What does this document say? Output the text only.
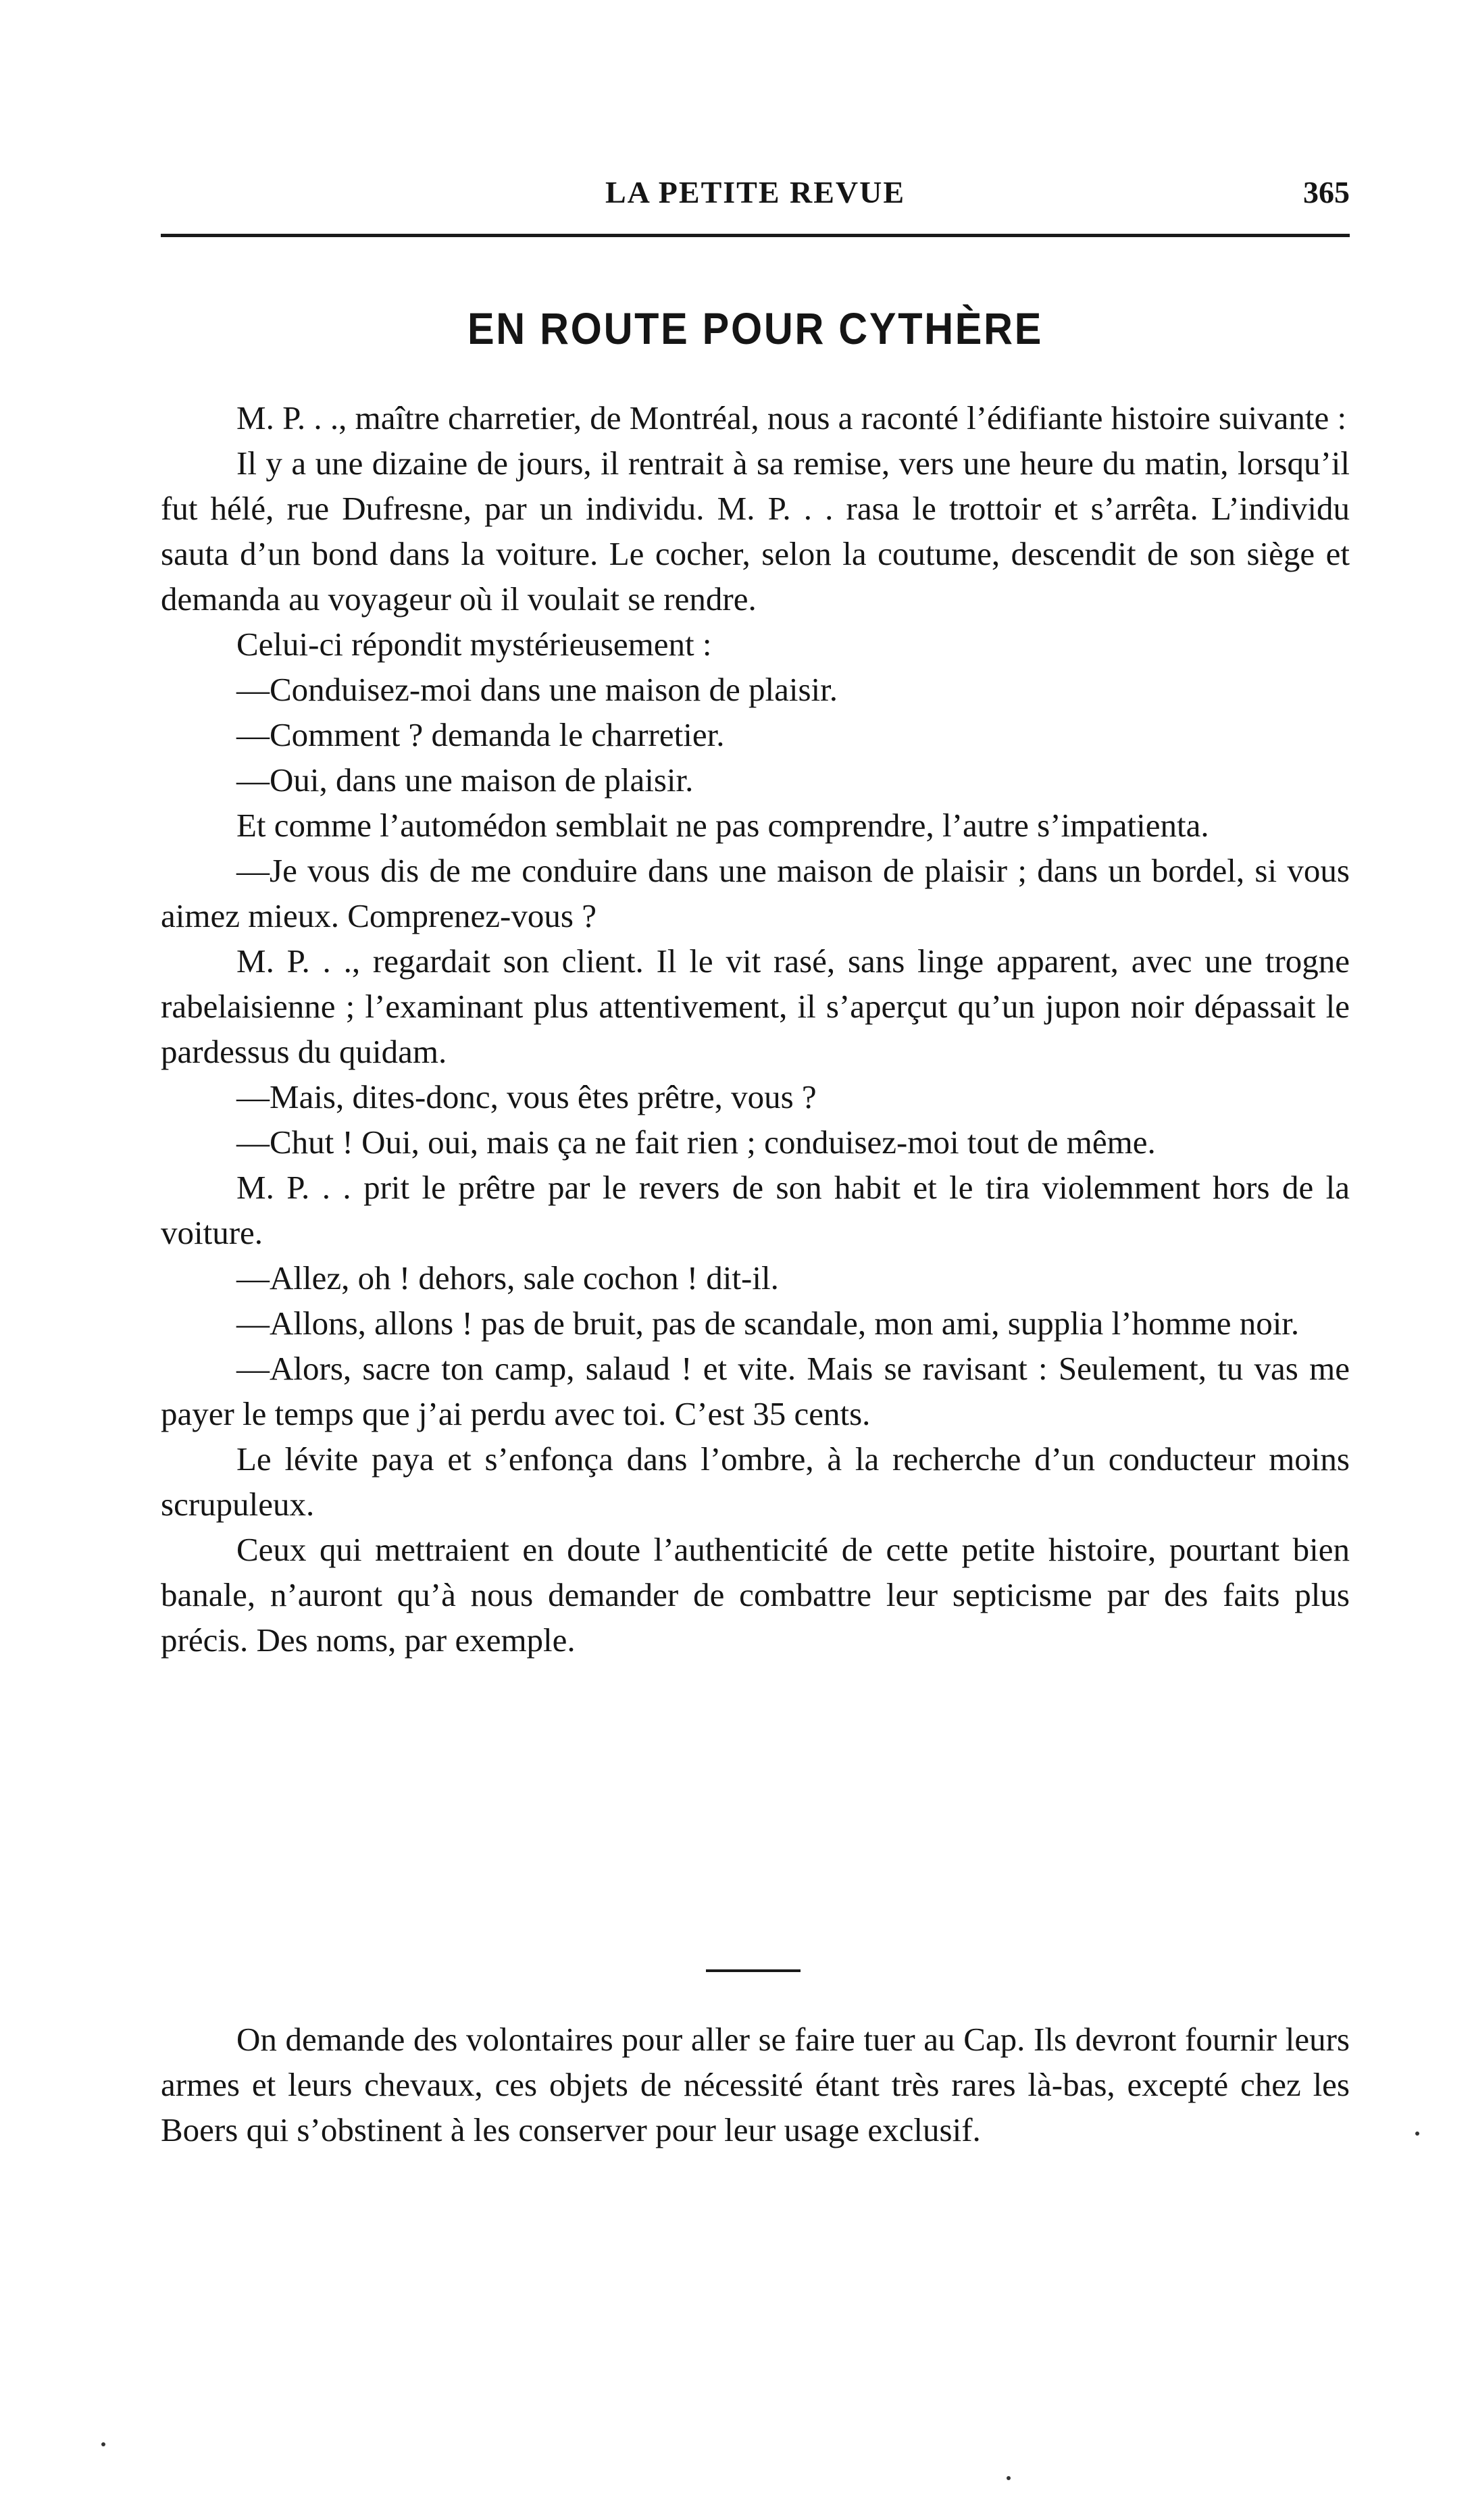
LA PETITE REVUE	365
EN ROUTE POUR CYTHÈRE

M. P. . ., maître charretier, de Montréal, nous a raconté l’édifiante histoire suivante :

Il y a une dizaine de jours, il rentrait à sa remise, vers une heure du matin, lorsqu’il fut hélé, rue Dufresne, par un individu. M. P. . . rasa le trottoir et s’arrêta. L’individu sauta d’un bond dans la voiture. Le cocher, selon la coutume, descendit de son siège et demanda au voyageur où il voulait se rendre.

Celui-ci répondit mystérieusement :

—Conduisez-moi dans une maison de plaisir.

—Comment ? demanda le charretier.

—Oui, dans une maison de plaisir.

Et comme l’automédon semblait ne pas comprendre, l’autre s’impatienta.

—Je vous dis de me conduire dans une maison de plaisir ; dans un bordel, si vous aimez mieux. Comprenez-vous ?

M. P. . ., regardait son client. Il le vit rasé, sans linge apparent, avec une trogne rabelaisienne ; l’examinant plus attentivement, il s’aperçut qu’un jupon noir dépassait le pardessus du quidam.

—Mais, dites-donc, vous êtes prêtre, vous ?

—Chut ! Oui, oui, mais ça ne fait rien ; conduisez-moi tout de même.

M. P. . . prit le prêtre par le revers de son habit et le tira violemment hors de la voiture.

—Allez, oh ! dehors, sale cochon ! dit-il.

—Allons, allons ! pas de bruit, pas de scandale, mon ami, supplia l’homme noir.

—Alors, sacre ton camp, salaud ! et vite. Mais se ravisant : Seulement, tu vas me payer le temps que j’ai perdu avec toi. C’est 35 cents.

Le lévite paya et s’enfonça dans l’ombre, à la recherche d’un conducteur moins scrupuleux.

Ceux qui mettraient en doute l’authenticité de cette petite histoire, pourtant bien banale, n’auront qu’à nous demander de combattre leur septicisme par des faits plus précis. Des noms, par exemple.

On demande des volontaires pour aller se faire tuer au Cap. Ils devront fournir leurs armes et leurs chevaux, ces objets de nécessité étant très rares là-bas, excepté chez les Boers qui s’obstinent à les conserver pour leur usage exclusif.
